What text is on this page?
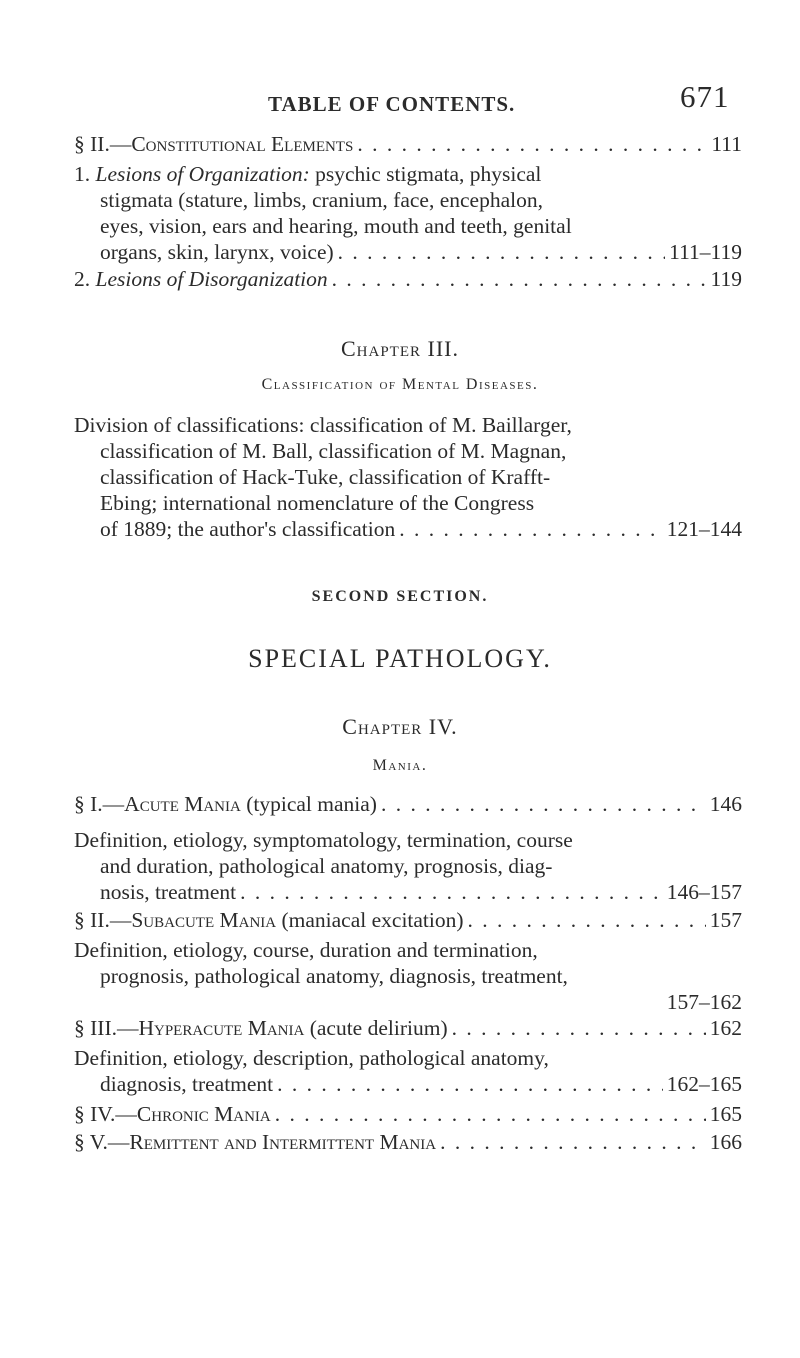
TABLE OF CONTENTS.	671
§ II.—Constitutional Elements . . .	111
1. Lesions of Organization: psychic stigmata, physical
stigmata (stature, limbs, cranium, face, encephalon,
eyes, vision, ears and hearing, mouth and teeth, genital
organs, skin, larynx, voice) . . .	111–119
2. Lesions of Disorganization . . .	119
Chapter III.
Classification of Mental Diseases.
Division of classifications: classification of M. Baillarger,
classification of M. Ball, classification of M. Magnan,
classification of Hack-Tuke, classification of Krafft-
Ebing; international nomenclature of the Congress
of 1889; the author's classification . . .	121–144
SECOND SECTION.
SPECIAL PATHOLOGY.
Chapter IV.
Mania.
§ I.—Acute Mania (typical mania) . . .	146
Definition, etiology, symptomatology, termination, course
and duration, pathological anatomy, prognosis, diag-
nosis, treatment . . .	146–157
§ II.—Subacute Mania (maniacal excitation) . . .	157
Definition, etiology, course, duration and termination,
prognosis, pathological anatomy, diagnosis, treatment,
157–162
§ III.—Hyperacute Mania (acute delirium) . . .	162
Definition, etiology, description, pathological anatomy,
diagnosis, treatment . . .	162–165
§ IV.—Chronic Mania . . .	165
§ V.—Remittent and Intermittent Mania . . .	166
